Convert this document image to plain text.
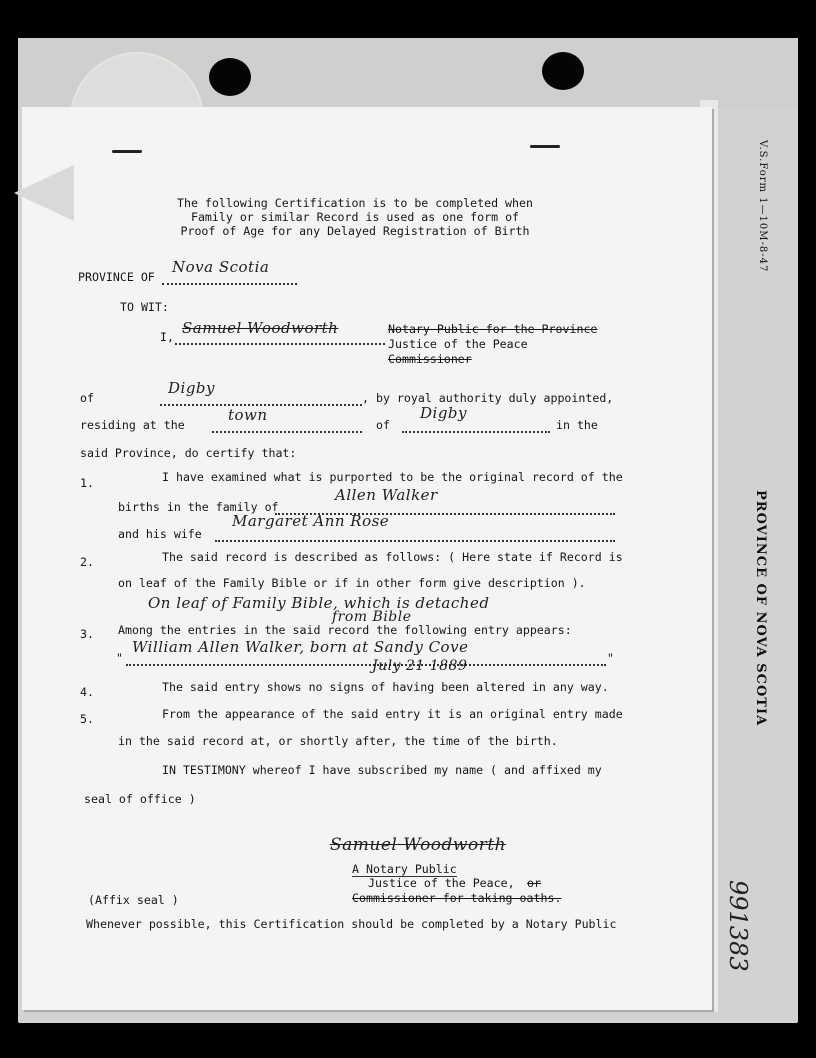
V.S.Form 1—10M-8-47
PROVINCE OF NOVA SCOTIA
991383
The following Certification is to be completed when
Family or similar Record is used as one form of
Proof of Age for any Delayed Registration of Birth
PROVINCE OF
Nova Scotia
TO WIT:
I, Samuel Woodworth	Notary Public for the Province
Justice of the Peace
Commissioner
of
Digby
, by royal authority duly appointed,
residing at the
town
of
Digby
in the
said Province, do certify that:
1.	I have examined what is purported to be the original record of the
births in the family of
Allen Walker
and his wife
Margaret Ann Rose
2.	The said record is described as follows: ( Here state if Record is
on leaf of the Family Bible or if in other form give description ).
On leaf of Family Bible, which is detached
from Bible
3. Among the entries in the said record the following entry appears:
"
William Allen Walker, born at Sandy Cove
"
July 21 1889
4.	The said entry shows no signs of having been altered in any way.
5.	From the appearance of the said entry it is an original entry made
in the said record at, or shortly after, the time of the birth.
IN TESTIMONY whereof I have subscribed my name ( and affixed my
seal of office )
Samuel Woodworth
A Notary Public
Justice of the Peace, or
Commissioner for taking oaths.
(Affix seal )
Whenever possible, this Certification should be completed by a Notary Public
